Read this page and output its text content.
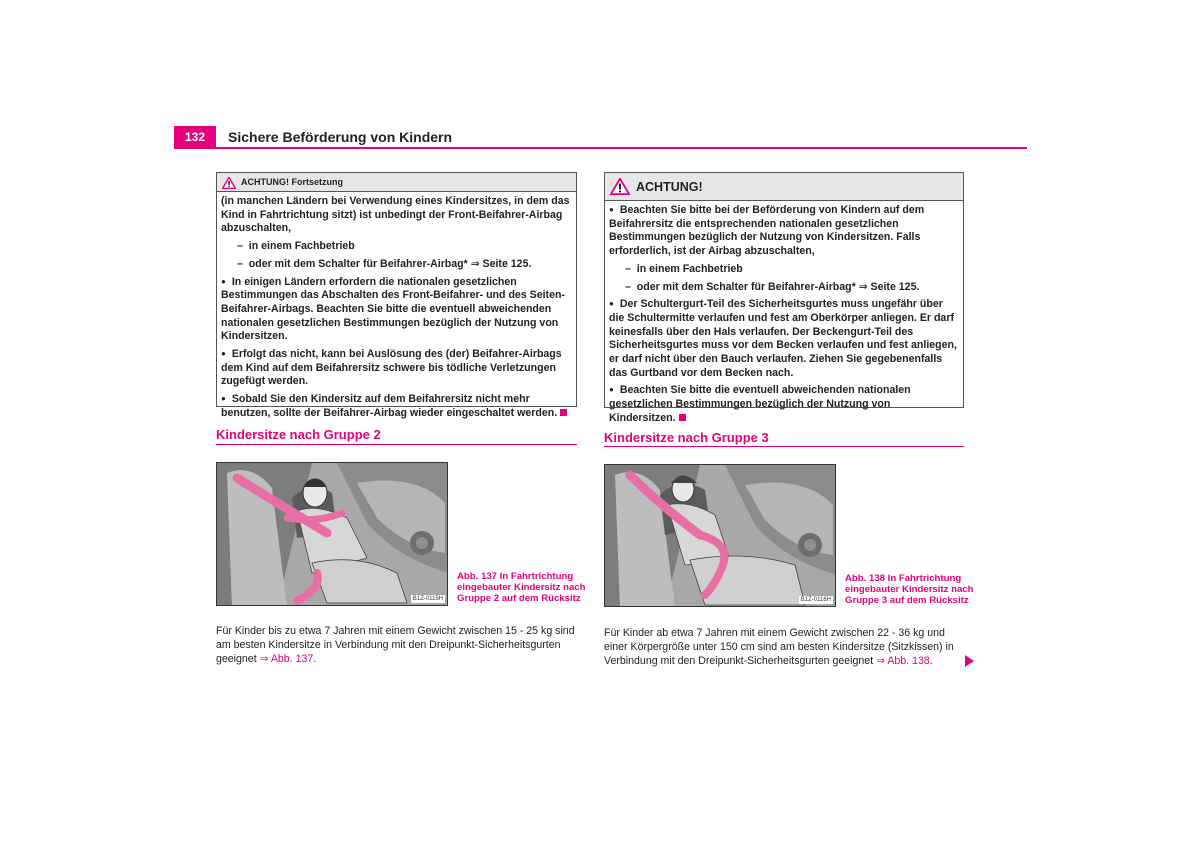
132	Sichere Beförderung von Kindern
ACHTUNG! Fortsetzung

(in manchen Ländern bei Verwendung eines Kindersitzes, in dem das Kind in Fahrtrichtung sitzt) ist unbedingt der Front-Beifahrer-Airbag abzuschalten,

–  in einem Fachbetrieb
–  oder mit dem Schalter für Beifahrer-Airbag* ⇒ Seite 125.

● In einigen Ländern erfordern die nationalen gesetzlichen Bestimmungen das Abschalten des Front-Beifahrer- und des Seiten-Beifahrer-Airbags. Beachten Sie bitte die eventuell abweichenden nationalen gesetzlichen Bestimmungen bezüglich der Nutzung von Kindersitzen.

● Erfolgt das nicht, kann bei Auslösung des (der) Beifahrer-Airbags dem Kind auf dem Beifahrersitz schwere bis tödliche Verletzungen zugefügt werden.

● Sobald Sie den Kindersitz auf dem Beifahrersitz nicht mehr benutzen, sollte der Beifahrer-Airbag wieder eingeschaltet werden.

ACHTUNG!

● Beachten Sie bitte bei der Beförderung von Kindern auf dem Beifahrersitz die entsprechenden nationalen gesetzlichen Bestimmungen bezüglich der Nutzung von Kindersitzen. Falls erforderlich, ist der Airbag abzuschalten,

–  in einem Fachbetrieb
–  oder mit dem Schalter für Beifahrer-Airbag* ⇒ Seite 125.

● Der Schultergurt-Teil des Sicherheitsgurtes muss ungefähr über die Schultermitte verlaufen und fest am Oberkörper anliegen. Er darf keinesfalls über den Hals verlaufen. Der Beckengurt-Teil des Sicherheitsgurtes muss vor dem Becken verlaufen und fest anliegen, er darf nicht über den Bauch verlaufen. Ziehen Sie gegebenenfalls das Gurtband vor dem Becken nach.

● Beachten Sie bitte die eventuell abweichenden nationalen gesetzlichen Bestimmungen bezüglich der Nutzung von Kindersitzen.

Kindersitze nach Gruppe 2
B1Z-0115H
Abb. 137 In Fahrtrichtung eingebauter Kindersitz nach Gruppe 2 auf dem Rücksitz
Für Kinder bis zu etwa 7 Jahren mit einem Gewicht zwischen 15 - 25 kg sind am besten Kindersitze in Verbindung mit den Dreipunkt-Sicherheitsgurten geeignet ⇒ Abb. 137.
Kindersitze nach Gruppe 3
B1Z-0116H
Abb. 138 In Fahrtrichtung eingebauter Kindersitz nach Gruppe 3 auf dem Rücksitz
Für Kinder ab etwa 7 Jahren mit einem Gewicht zwischen 22 - 36 kg und einer Körpergröße unter 150 cm sind am besten Kindersitze (Sitzkissen) in Verbindung mit den Dreipunkt-Sicherheitsgurten geeignet ⇒ Abb. 138.
